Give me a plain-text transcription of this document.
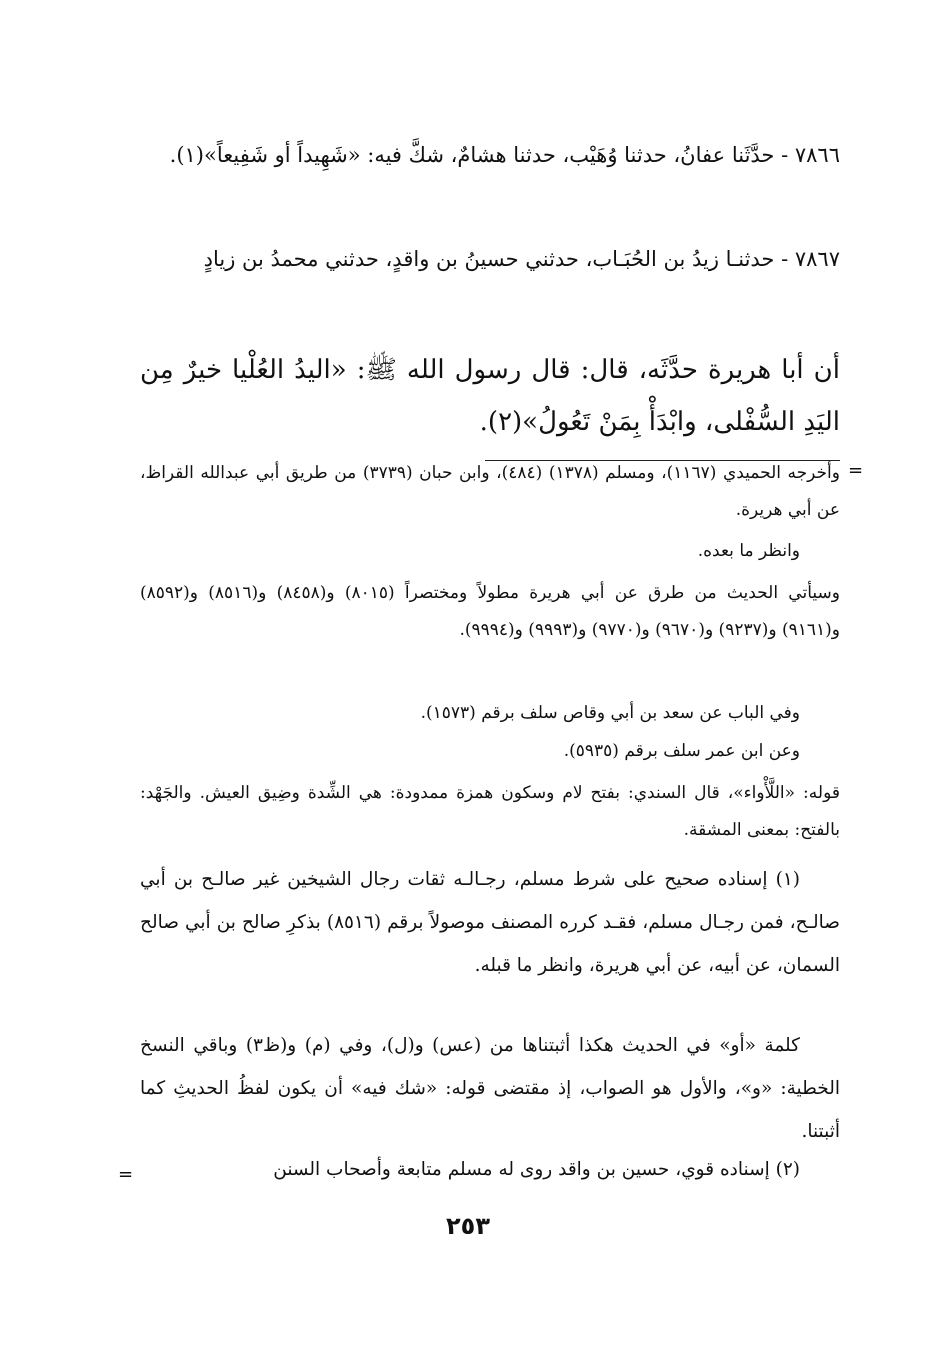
٧٨٦٦ - حدَّثَنا عفانُ، حدثنا وُهَيْب، حدثنا هشامٌ، شكَّ فيه: «شَهِيداً أو شَفِيعاً»(١).

٧٨٦٧ - حدثنـا زيدُ بن الحُبَـاب، حدثني حسينُ بن واقدٍ، حدثني محمدُ بن زيادٍ

أن أبا هريرة حدَّثَه، قال: قال رسول الله ﷺ: «اليدُ العُلْيا خيرٌ مِن اليَدِ السُّفْلى، وابْدَأْ بِمَنْ تَعُولُ»(٢).

=

وأخرجه الحميدي (١١٦٧)، ومسلم (١٣٧٨) (٤٨٤)، وابن حبان (٣٧٣٩) من طريق أبي عبدالله القراظ، عن أبي هريرة.

وانظر ما بعده.

وسيأتي الحديث من طرق عن أبي هريرة مطولاً ومختصراً (٨٠١٥) و(٨٤٥٨) و(٨٥١٦) و(٨٥٩٢) و(٩١٦١) و(٩٢٣٧) و(٩٦٧٠) و(٩٧٧٠) و(٩٩٩٣) و(٩٩٩٤).

وفي الباب عن سعد بن أبي وقاص سلف برقم (١٥٧٣).

وعن ابن عمر سلف برقم (٥٩٣٥).

قوله: «اللَّأْواء»، قال السندي: بفتح لام وسكون همزة ممدودة: هي الشِّدة وضِيق العيش. والجَهْد: بالفتح: بمعنى المشقة.

(١) إسناده صحيح على شرط مسلم، رجـالـه ثقات رجال الشيخين غير صالـح بن أبي صالـح، فمن رجـال مسلم، فقـد كرره المصنف موصولاً برقم (٨٥١٦) بذكرِ صالح بن أبي صالح السمان، عن أبيه، عن أبي هريرة، وانظر ما قبله.

كلمة «أو» في الحديث هكذا أثبتناها من (عس) و(ل)، وفي (م) و(ظ٣) وباقي النسخ الخطية: «و»، والأول هو الصواب، إذ مقتضى قوله: «شك فيه» أن يكون لفظُ الحديثِ كما أثبتنا.

(٢) إسناده قوي، حسين بن واقد روى له مسلم متابعة وأصحاب السنن

=
٢٥٣
